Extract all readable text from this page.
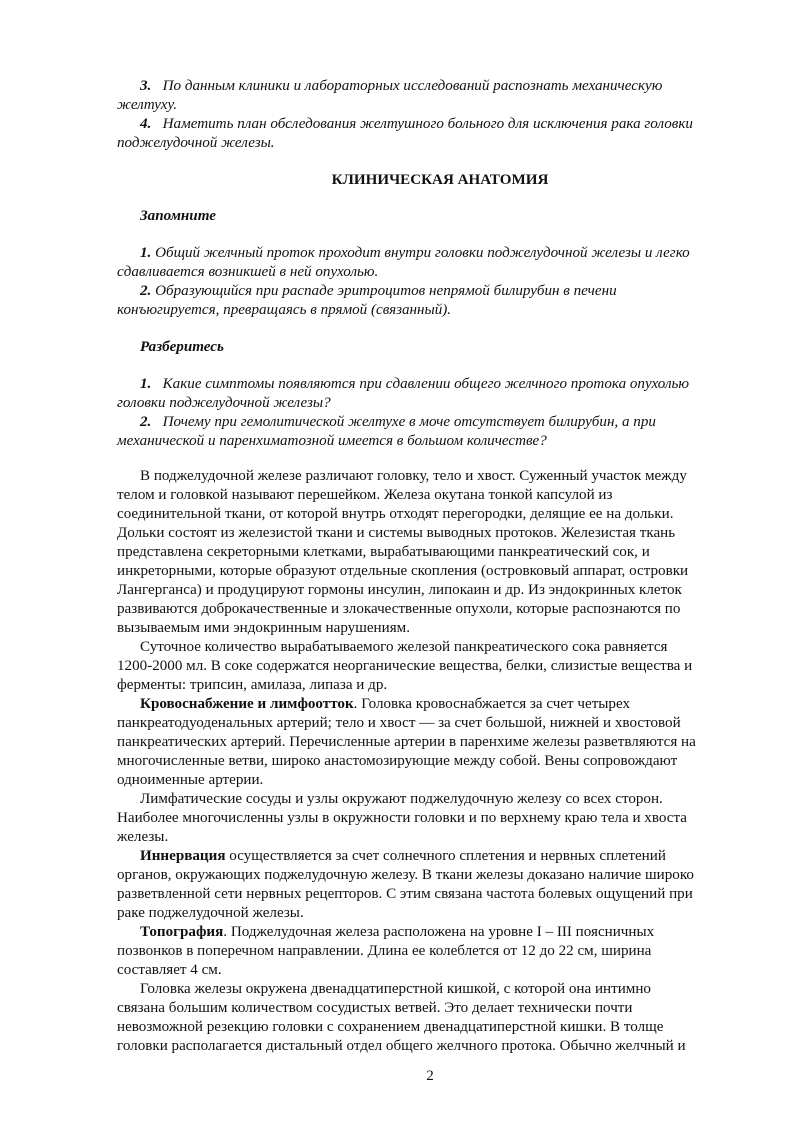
3. По данным клиники и лабораторных исследований распознать механическую
желтуху.
4. Наметить план обследования желтушного больного для исключения рака головки
поджелудочной железы.
КЛИНИЧЕСКАЯ АНАТОМИЯ
Запомните
1. Общий желчный проток проходит внутри головки поджелудочной железы и легко
сдавливается возникшей в ней опухолью.
2. Образующийся при распаде эритроцитов непрямой билирубин в печени
конъюгируется, превращаясь в прямой (связанный).
Разберитесь
1. Какие симптомы появляются при сдавлении общего желчного протока опухолью
головки поджелудочной железы?
2. Почему при гемолитической желтухе в моче отсутствует билирубин, а при
механической и паренхиматозной имеется в большом количестве?
В поджелудочной железе различают головку, тело и хвост. Суженный участок между
телом и головкой называют перешейком. Железа окутана тонкой капсулой из
соединительной ткани, от которой внутрь отходят перегородки, делящие ее на дольки.
Дольки состоят из железистой ткани и системы выводных протоков. Железистая ткань
представлена секреторными клетками, вырабатывающими панкреатический сок, и
инкреторными, которые образуют отдельные скопления (островковый аппарат, островки
Лангерганса) и продуцируют гормоны инсулин, липокаин и др. Из эндокринных клеток
развиваются доброкачественные и злокачественные опухоли, которые распознаются по
вызываемым ими эндокринным нарушениям.
Суточное количество вырабатываемого железой панкреатического сока равняется
1200-2000 мл. В соке содержатся неорганические вещества, белки, слизистые вещества и
ферменты: трипсин, амилаза, липаза и др.
Кровоснабжение и лимфоотток. Головка кровоснабжается за счет четырех
панкреатодуоденальных артерий; тело и хвост — за счет большой, нижней и хвостовой
панкреатических артерий. Перечисленные артерии в паренхиме железы разветвляются на
многочисленные ветви, широко анастомозирующие между собой. Вены сопровождают
одноименные артерии.
Лимфатические сосуды и узлы окружают поджелудочную железу со всех сторон.
Наиболее многочисленны узлы в окружности головки и по верхнему краю тела и хвоста
железы.
Иннервация осуществляется за счет солнечного сплетения и нервных сплетений
органов, окружающих поджелудочную железу. В ткани железы доказано наличие широко
разветвленной сети нервных рецепторов. С этим связана частота болевых ощущений при
раке поджелудочной железы.
Топография. Поджелудочная железа расположена на уровне I – III поясничных
позвонков в поперечном направлении. Длина ее колеблется от 12 до 22 см, ширина
составляет 4 см.
Головка железы окружена двенадцатиперстной кишкой, с которой она интимно
связана большим количеством сосудистых ветвей. Это делает технически почти
невозможной резекцию головки с сохранением двенадцатиперстной кишки. В толще
головки располагается дистальный отдел общего желчного протока. Обычно желчный и
2
